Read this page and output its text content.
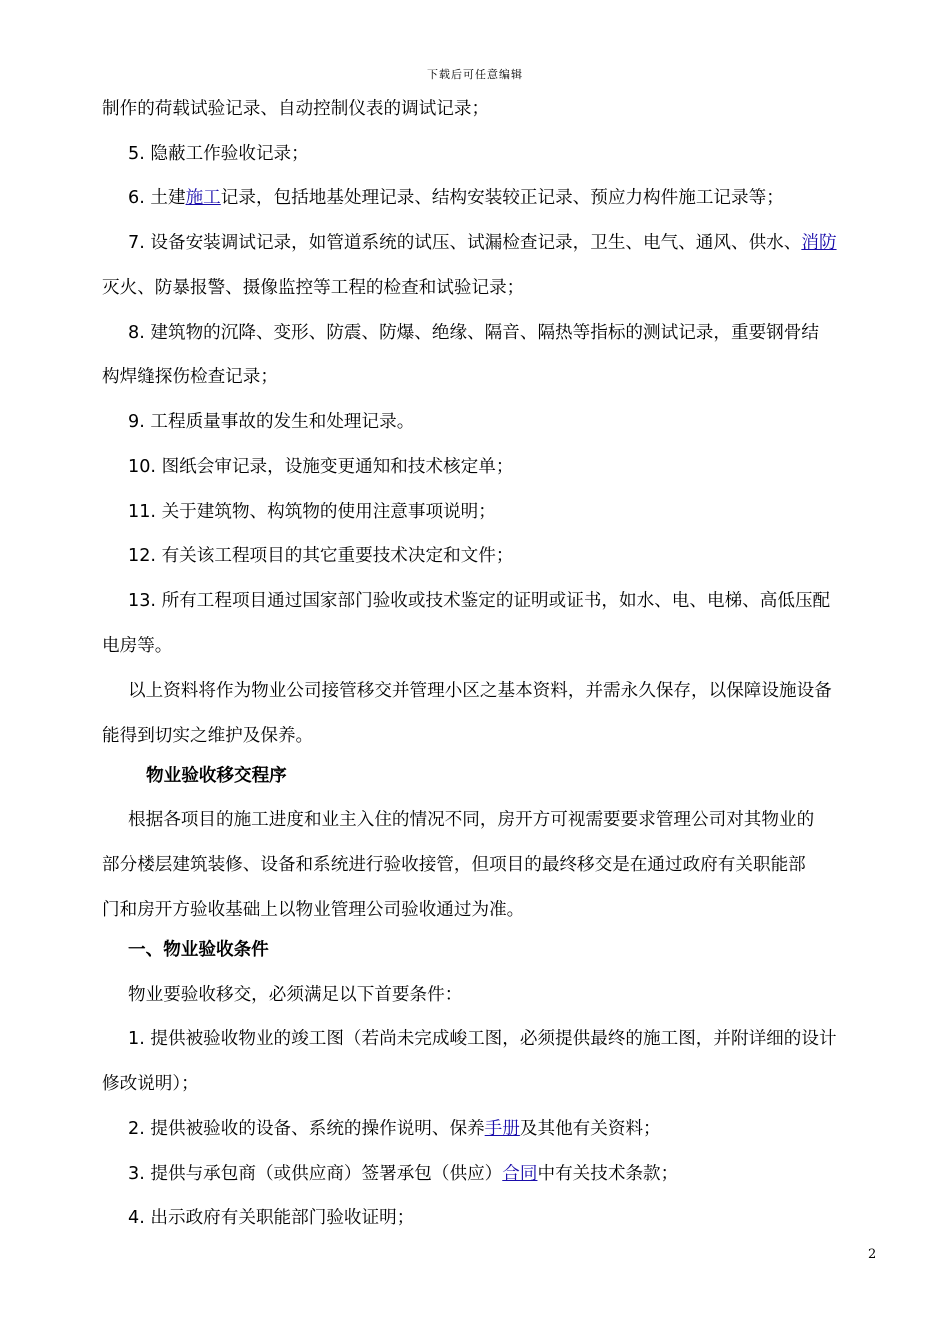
下载后可任意编辑
制作的荷载试验记录、自动控制仪表的调试记录；
5. 隐蔽工作验收记录；
6. 土建施工记录，包括地基处理记录、结构安装较正记录、预应力构件施工记录等；
7. 设备安装调试记录，如管道系统的试压、试漏检查记录，卫生、电气、通风、供水、消防
灭火、防暴报警、摄像监控等工程的检查和试验记录；
8. 建筑物的沉降、变形、防震、防爆、绝缘、隔音、隔热等指标的测试记录，重要钢骨结
构焊缝探伤检查记录；
9. 工程质量事故的发生和处理记录。
10. 图纸会审记录，设施变更通知和技术核定单；
11. 关于建筑物、构筑物的使用注意事项说明；
12. 有关该工程项目的其它重要技术决定和文件；
13. 所有工程项目通过国家部门验收或技术鉴定的证明或证书，如水、电、电梯、高低压配
电房等。
以上资料将作为物业公司接管移交并管理小区之基本资料，并需永久保存，以保障设施设备
能得到切实之维护及保养。
物业验收移交程序
根据各项目的施工进度和业主入住的情况不同，房开方可视需要要求管理公司对其物业的
部分楼层建筑装修、设备和系统进行验收接管，但项目的最终移交是在通过政府有关职能部
门和房开方验收基础上以物业管理公司验收通过为准。
一、物业验收条件
物业要验收移交，必须满足以下首要条件：
1. 提供被验收物业的竣工图（若尚未完成峻工图，必须提供最终的施工图，并附详细的设计
修改说明）；
2. 提供被验收的设备、系统的操作说明、保养手册及其他有关资料；
3. 提供与承包商（或供应商）签署承包（供应）合同中有关技术条款；
4. 出示政府有关职能部门验收证明；
2
